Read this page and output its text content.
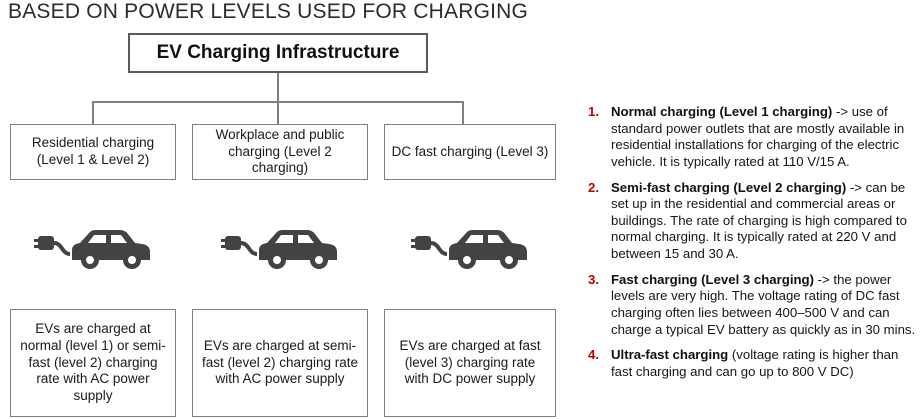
BASED ON POWER LEVELS USED FOR CHARGING
EV Charging Infrastructure
Residential charging (Level 1 & Level 2)
EVs are charged at normal (level 1) or semi-fast (level 2) charging rate with AC power supply
Workplace and public charging (Level 2 charging)
EVs are charged at semi-fast (level 2) charging rate with AC power supply
DC fast charging (Level 3)
EVs are charged at fast (level 3) charging rate with DC power supply
1. Normal charging (Level 1 charging) -> use of standard power outlets that are mostly available in residential installations for charging of the electric vehicle. It is typically rated at 110 V/15 A.
2. Semi-fast charging (Level 2 charging) -> can be set up in the residential and commercial areas or buildings. The rate of charging is high compared to normal charging. It is typically rated at 220 V and between 15 and 30 A.
3. Fast charging (Level 3 charging) -> the power levels are very high. The voltage rating of DC fast charging often lies between 400–500 V and can charge a typical EV battery as quickly as in 30 mins.
4. Ultra-fast charging (voltage rating is higher than fast charging and can go up to 800 V DC)
